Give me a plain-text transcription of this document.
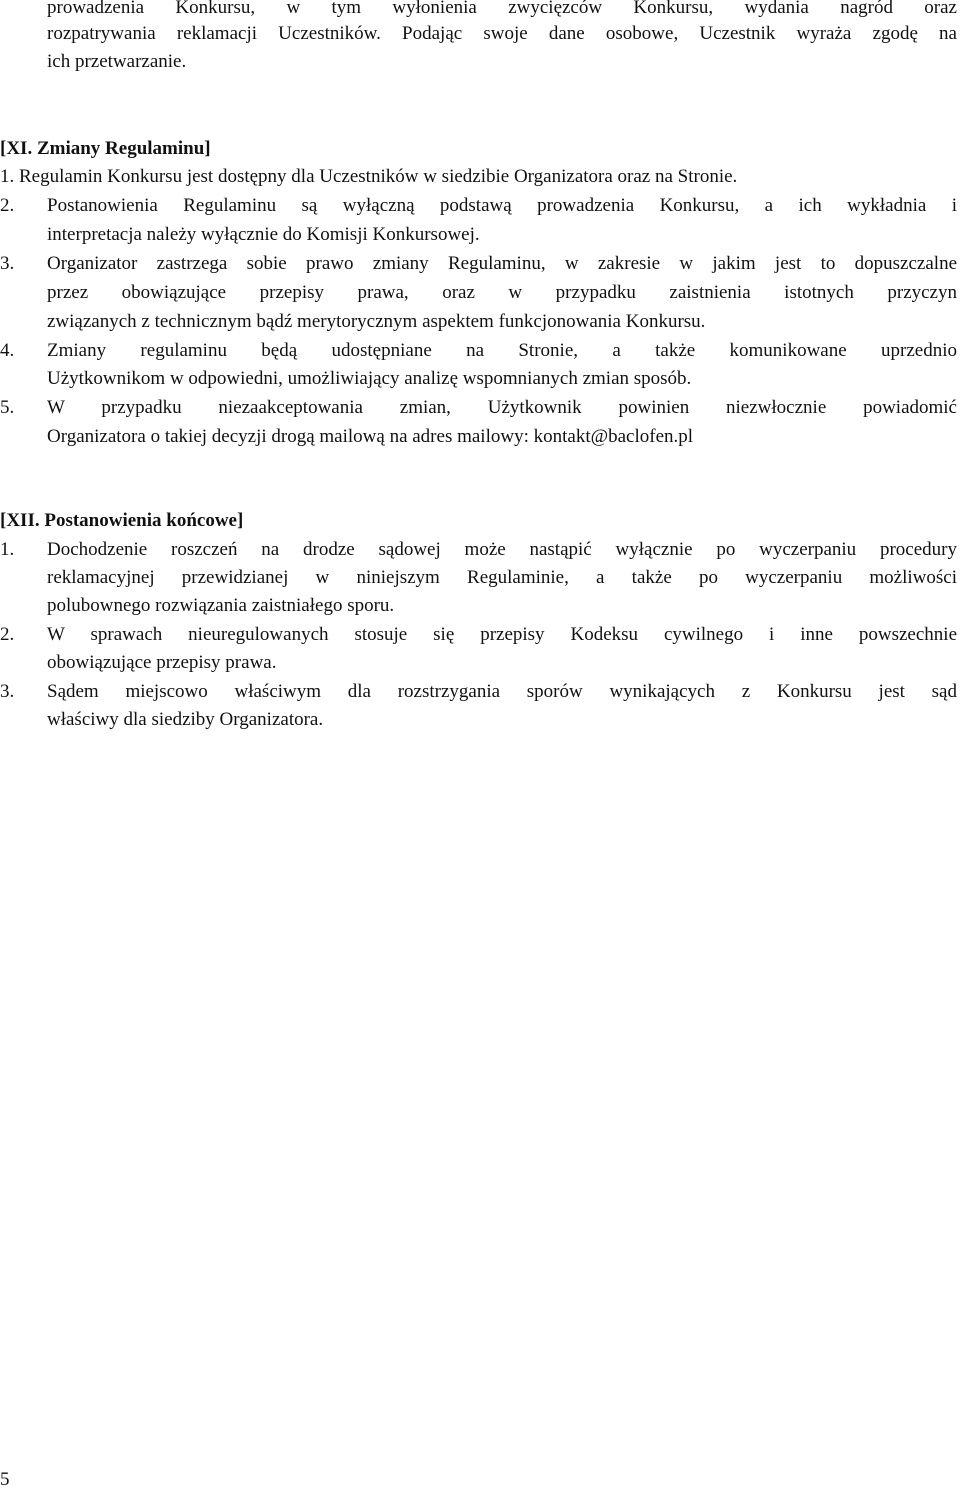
prowadzenia Konkursu, w tym wyłonienia zwycięzców Konkursu, wydania nagród oraz
rozpatrywania reklamacji Uczestników. Podając swoje dane osobowe, Uczestnik wyraża zgodę na
ich przetwarzanie.
[XI. Zmiany Regulaminu]
1. Regulamin Konkursu jest dostępny dla Uczestników w siedzibie Organizatora oraz na Stronie.
2. Postanowienia Regulaminu są wyłączną podstawą prowadzenia Konkursu, a ich wykładnia i
interpretacja należy wyłącznie do Komisji Konkursowej.
3. Organizator zastrzega sobie prawo zmiany Regulaminu, w zakresie w jakim jest to dopuszczalne
przez obowiązujące przepisy prawa, oraz w przypadku zaistnienia istotnych przyczyn
związanych z technicznym bądź merytorycznym aspektem funkcjonowania Konkursu.
4. Zmiany regulaminu będą udostępniane na Stronie, a także komunikowane uprzednio
Użytkownikom w odpowiedni, umożliwiający analizę wspomnianych zmian sposób.
5. W przypadku niezaakceptowania zmian, Użytkownik powinien niezwłocznie powiadomić
Organizatora o takiej decyzji drogą mailową na adres mailowy: kontakt@baclofen.pl
[XII. Postanowienia końcowe]
1. Dochodzenie roszczeń na drodze sądowej może nastąpić wyłącznie po wyczerpaniu procedury
reklamacyjnej przewidzianej w niniejszym Regulaminie, a także po wyczerpaniu możliwości
polubownego rozwiązania zaistniałego sporu.
2. W sprawach nieuregulowanych stosuje się przepisy Kodeksu cywilnego i inne powszechnie
obowiązujące przepisy prawa.
3. Sądem miejscowo właściwym dla rozstrzygania sporów wynikających z Konkursu jest sąd
właściwy dla siedziby Organizatora.
5
